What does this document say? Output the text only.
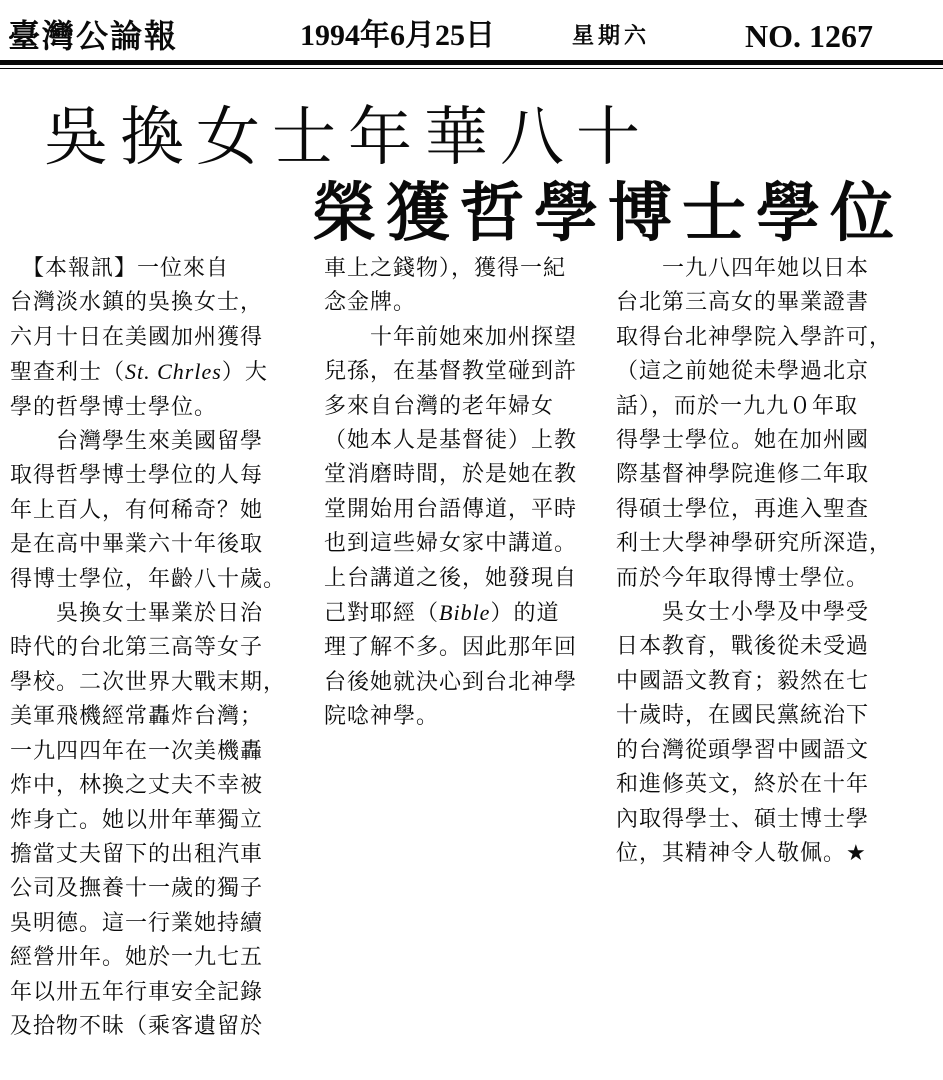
臺灣公論報	1994年6月25日	星期六	NO. 1267
吳換女士年華八十
榮獲哲學博士學位

　【本報訊】一位來自

台灣淡水鎮的吳換女士，

六月十日在美國加州獲得

聖查利士（St. Chrles）大

學的哲學博士學位。

　　台灣學生來美國留學

取得哲學博士學位的人每

年上百人，有何稀奇？她

是在高中畢業六十年後取

得博士學位，年齡八十歲。

　　吳換女士畢業於日治

時代的台北第三高等女子

學校。二次世界大戰末期，

美軍飛機經常轟炸台灣；

一九四四年在一次美機轟

炸中，林換之丈夫不幸被

炸身亡。她以卅年華獨立

擔當丈夫留下的出租汽車

公司及撫養十一歲的獨子

吳明德。這一行業她持續

經營卅年。她於一九七五

年以卅五年行車安全記錄

及拾物不昧（乘客遺留於

車上之錢物），獲得一紀

念金牌。

　　十年前她來加州探望

兒孫，在基督教堂碰到許

多來自台灣的老年婦女

（她本人是基督徒）上教

堂消磨時間，於是她在教

堂開始用台語傳道，平時

也到這些婦女家中講道。

上台講道之後，她發現自

己對耶經（Bible）的道

理了解不多。因此那年回

台後她就決心到台北神學

院唸神學。

　　一九八四年她以日本

台北第三高女的畢業證書

取得台北神學院入學許可，

（這之前她從未學過北京

話），而於一九九０年取

得學士學位。她在加州國

際基督神學院進修二年取

得碩士學位，再進入聖查

利士大學神學研究所深造，

而於今年取得博士學位。

　　吳女士小學及中學受

日本教育，戰後從未受過

中國語文教育；毅然在七

十歲時，在國民黨統治下

的台灣從頭學習中國語文

和進修英文，終於在十年

內取得學士、碩士博士學

位，其精神令人敬佩。★
